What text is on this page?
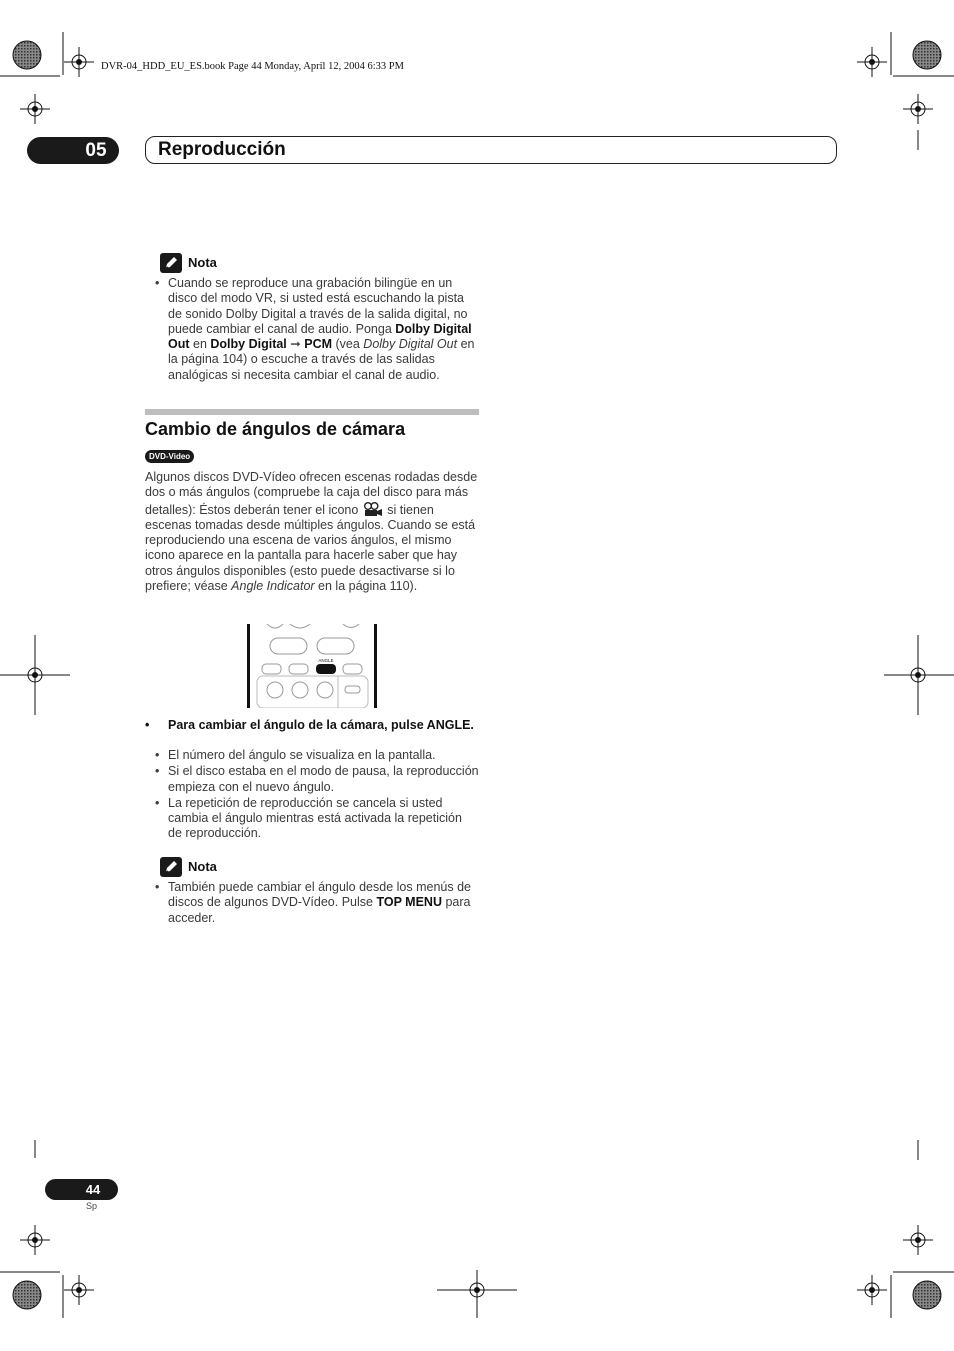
DVR-04_HDD_EU_ES.book Page 44 Monday, April 12, 2004 6:33 PM
05	Reproducción
Nota

• Cuando se reproduce una grabación bilingüe en un disco del modo VR, si usted está escuchando la pista de sonido Dolby Digital a través de la salida digital, no puede cambiar el canal de audio. Ponga Dolby Digital Out en Dolby Digital ➞ PCM (vea Dolby Digital Out en la página 104) o escuche a través de las salidas analógicas si necesita cambiar el canal de audio.

Cambio de ángulos de cámara
DVD-Video
Algunos discos DVD-Vídeo ofrecen escenas rodadas desde dos o más ángulos (compruebe la caja del disco para más detalles): Éstos deberán tener el icono  si tienen escenas tomadas desde múltiples ángulos. Cuando se está reproduciendo una escena de varios ángulos, el mismo icono aparece en la pantalla para hacerle saber que hay otros ángulos disponibles (esto puede desactivarse si lo prefiere; véase Angle Indicator en la página 110).
ANGLE
• Para cambiar el ángulo de la cámara, pulse ANGLE.

• El número del ángulo se visualiza en la pantalla.

• Si el disco estaba en el modo de pausa, la reproducción empieza con el nuevo ángulo.

• La repetición de reproducción se cancela si usted cambia el ángulo mientras está activada la repetición de reproducción.

Nota

• También puede cambiar el ángulo desde los menús de discos de algunos DVD-Vídeo. Pulse TOP MENU para acceder.

44
Sp
